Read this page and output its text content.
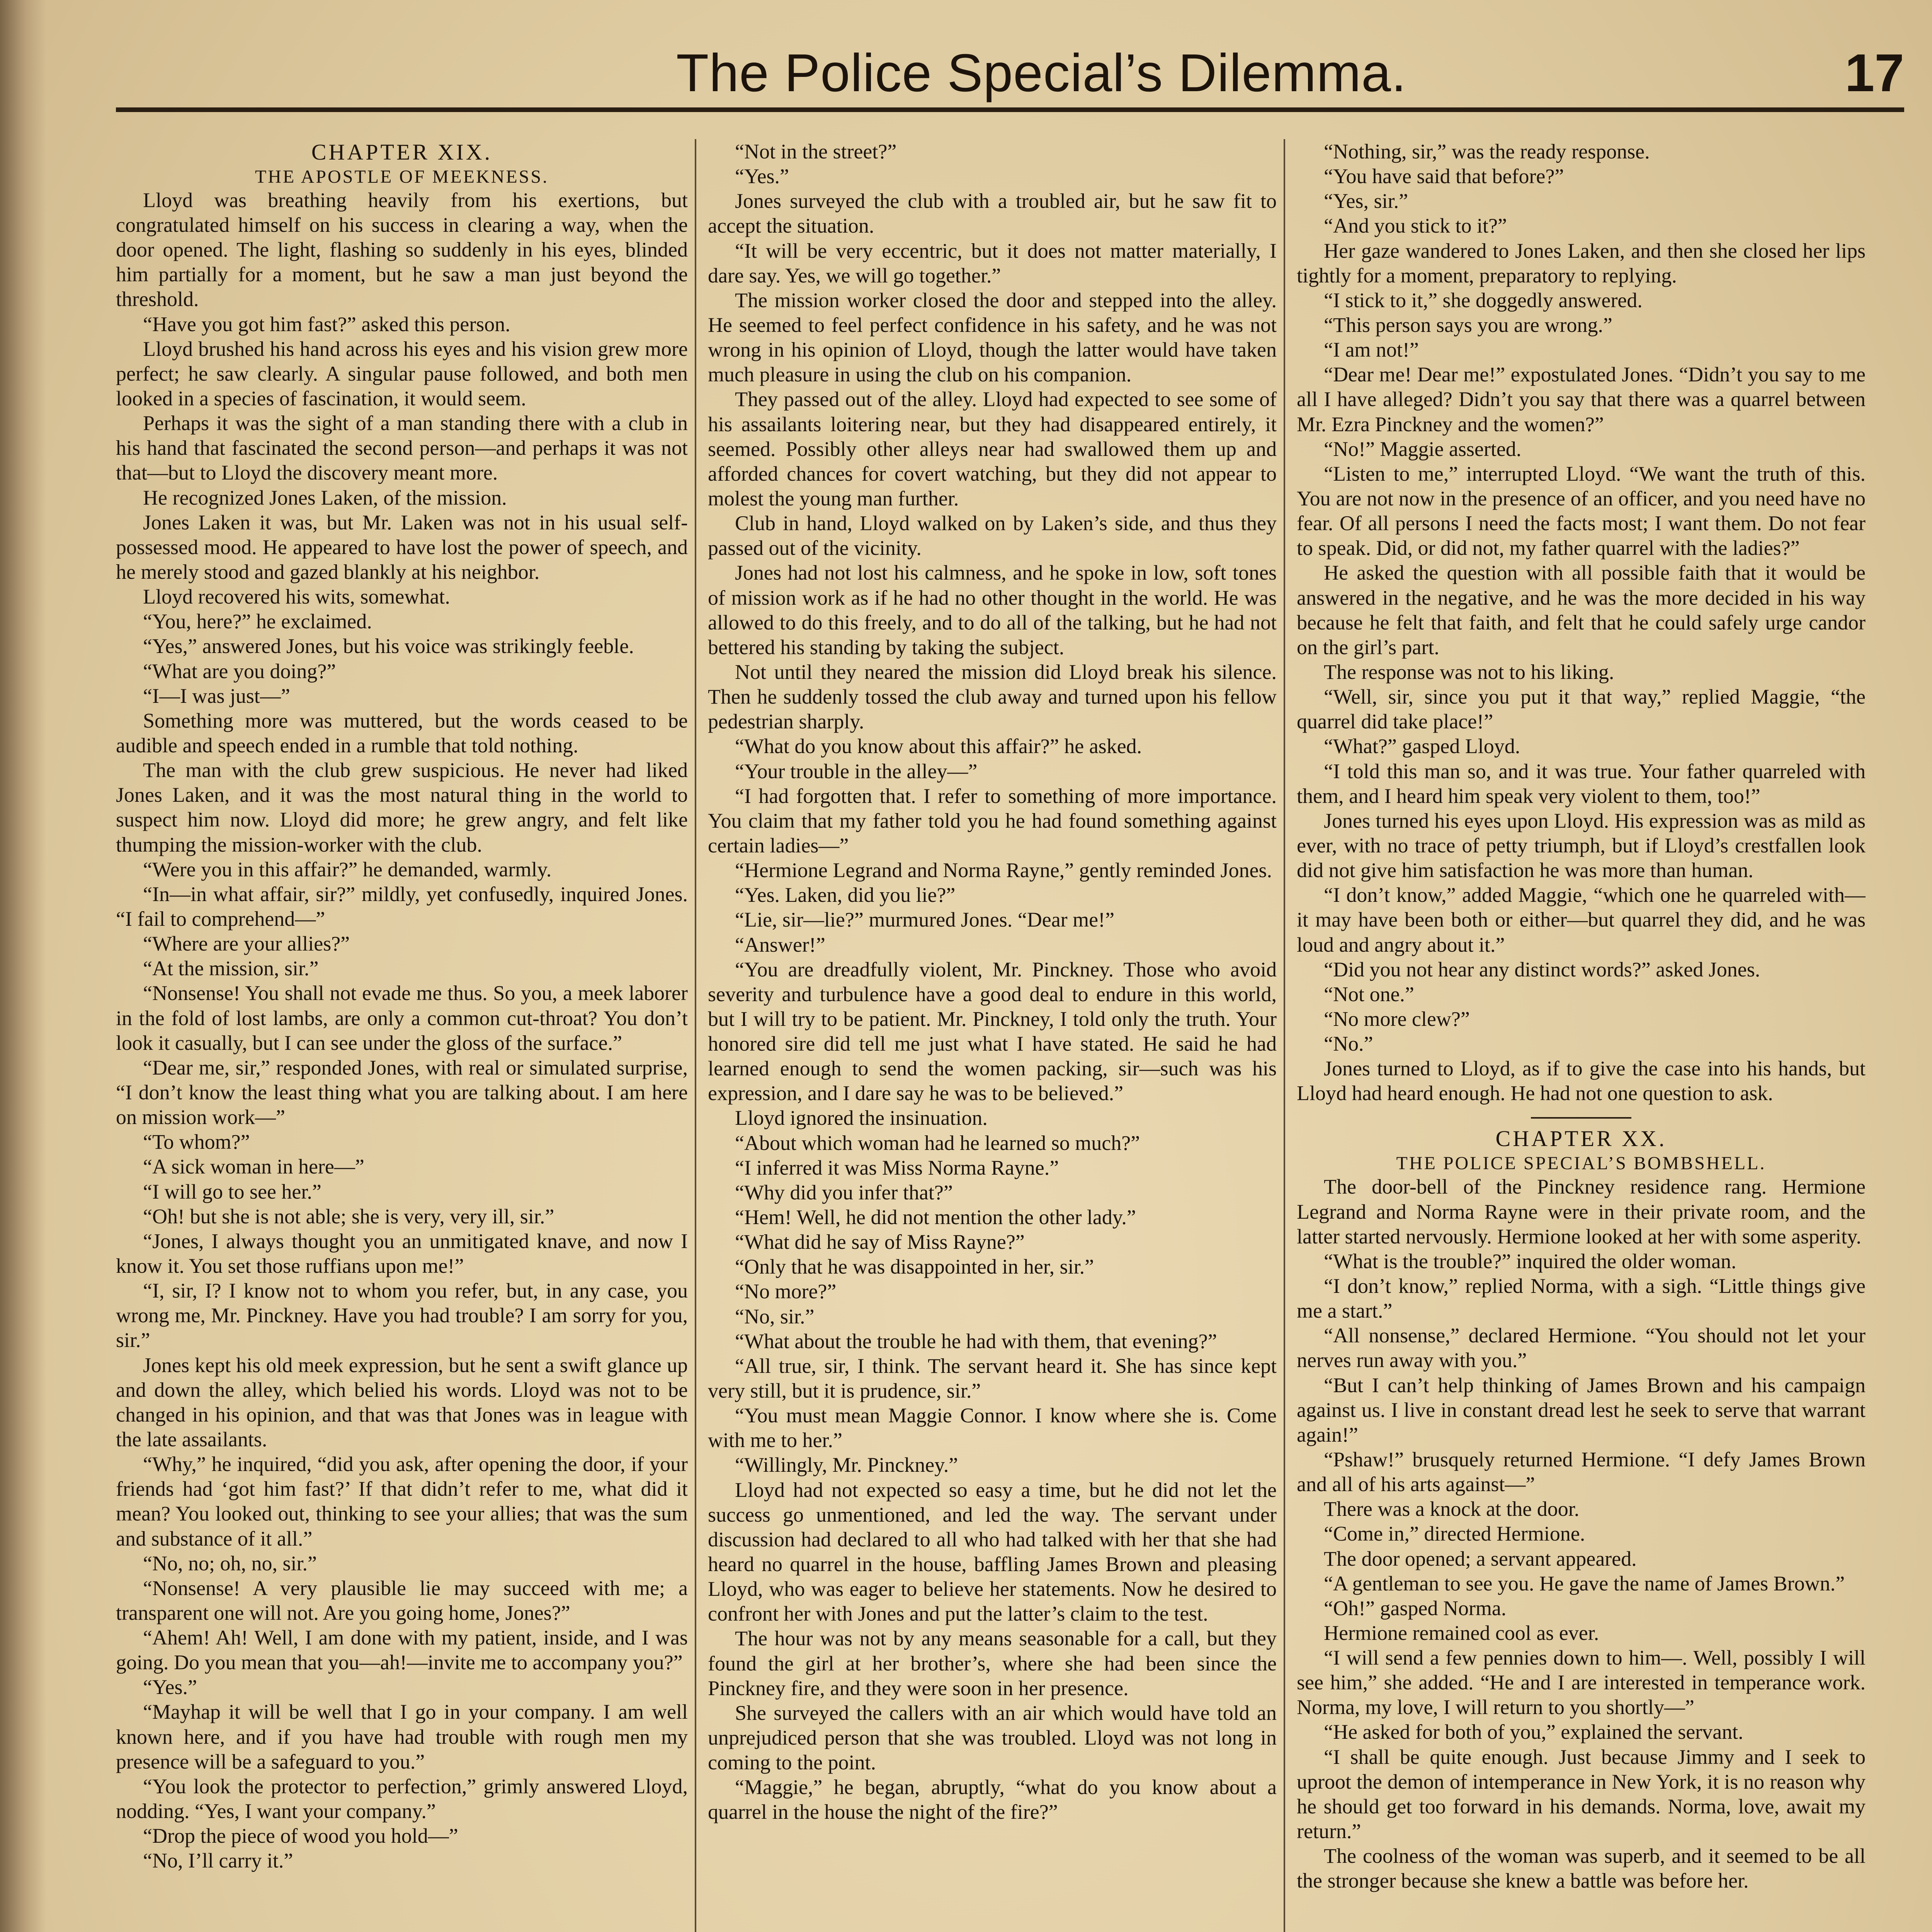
The Police Special’s Dilemma.	17

CHAPTER XIX.

THE APOSTLE OF MEEKNESS.

Lloyd was breathing heavily from his exertions, but congratulated himself on his success in clearing a way, when the door opened. The light, flashing so suddenly in his eyes, blinded him partially for a moment, but he saw a man just beyond the threshold.

“Have you got him fast?” asked this person.

Lloyd brushed his hand across his eyes and his vision grew more perfect; he saw clearly. A singular pause followed, and both men looked in a species of fascination, it would seem.

Perhaps it was the sight of a man standing there with a club in his hand that fascinated the second person—and perhaps it was not that—but to Lloyd the discovery meant more.

He recognized Jones Laken, of the mission.

Jones Laken it was, but Mr. Laken was not in his usual self-possessed mood. He appeared to have lost the power of speech, and he merely stood and gazed blankly at his neighbor.

Lloyd recovered his wits, somewhat.

“You, here?” he exclaimed.

“Yes,” answered Jones, but his voice was strikingly feeble.

“What are you doing?”

“I—I was just—”

Something more was muttered, but the words ceased to be audible and speech ended in a rumble that told nothing.

The man with the club grew suspicious. He never had liked Jones Laken, and it was the most natural thing in the world to suspect him now. Lloyd did more; he grew angry, and felt like thumping the mission-worker with the club.

“Were you in this affair?” he demanded, warmly.

“In—in what affair, sir?” mildly, yet confusedly, inquired Jones. “I fail to comprehend—”

“Where are your allies?”

“At the mission, sir.”

“Nonsense! You shall not evade me thus. So you, a meek laborer in the fold of lost lambs, are only a common cut-throat? You don’t look it casually, but I can see under the gloss of the surface.”

“Dear me, sir,” responded Jones, with real or simulated surprise, “I don’t know the least thing what you are talking about. I am here on mission work—”

“To whom?”

“A sick woman in here—”

“I will go to see her.”

“Oh! but she is not able; she is very, very ill, sir.”

“Jones, I always thought you an unmitigated knave, and now I know it. You set those ruffians upon me!”

“I, sir, I? I know not to whom you refer, but, in any case, you wrong me, Mr. Pinckney. Have you had trouble? I am sorry for you, sir.”

Jones kept his old meek expression, but he sent a swift glance up and down the alley, which belied his words. Lloyd was not to be changed in his opinion, and that was that Jones was in league with the late assailants.

“Why,” he inquired, “did you ask, after opening the door, if your friends had ‘got him fast?’ If that didn’t refer to me, what did it mean? You looked out, thinking to see your allies; that was the sum and substance of it all.”

“No, no; oh, no, sir.”

“Nonsense! A very plausible lie may succeed with me; a transparent one will not. Are you going home, Jones?”

“Ahem! Ah! Well, I am done with my patient, inside, and I was going. Do you mean that you—ah!—invite me to accompany you?”

“Yes.”

“Mayhap it will be well that I go in your company. I am well known here, and if you have had trouble with rough men my presence will be a safeguard to you.”

“You look the protector to perfection,” grimly answered Lloyd, nodding. “Yes, I want your company.”

“Drop the piece of wood you hold—”

“No, I’ll carry it.”

“Not in the street?”

“Yes.”

Jones surveyed the club with a troubled air, but he saw fit to accept the situation.

“It will be very eccentric, but it does not matter materially, I dare say. Yes, we will go together.”

The mission worker closed the door and stepped into the alley. He seemed to feel perfect confidence in his safety, and he was not wrong in his opinion of Lloyd, though the latter would have taken much pleasure in using the club on his companion.

They passed out of the alley. Lloyd had expected to see some of his assailants loitering near, but they had disappeared entirely, it seemed. Possibly other alleys near had swallowed them up and afforded chances for covert watching, but they did not appear to molest the young man further.

Club in hand, Lloyd walked on by Laken’s side, and thus they passed out of the vicinity.

Jones had not lost his calmness, and he spoke in low, soft tones of mission work as if he had no other thought in the world. He was allowed to do this freely, and to do all of the talking, but he had not bettered his standing by taking the subject.

Not until they neared the mission did Lloyd break his silence. Then he suddenly tossed the club away and turned upon his fellow pedestrian sharply.

“What do you know about this affair?” he asked.

“Your trouble in the alley—”

“I had forgotten that. I refer to something of more importance. You claim that my father told you he had found something against certain ladies—”

“Hermione Legrand and Norma Rayne,” gently reminded Jones.

“Yes. Laken, did you lie?”

“Lie, sir—lie?” murmured Jones. “Dear me!”

“Answer!”

“You are dreadfully violent, Mr. Pinckney. Those who avoid severity and turbulence have a good deal to endure in this world, but I will try to be patient. Mr. Pinckney, I told only the truth. Your honored sire did tell me just what I have stated. He said he had learned enough to send the women packing, sir—such was his expression, and I dare say he was to be believed.”

Lloyd ignored the insinuation.

“About which woman had he learned so much?”

“I inferred it was Miss Norma Rayne.”

“Why did you infer that?”

“Hem! Well, he did not mention the other lady.”

“What did he say of Miss Rayne?”

“Only that he was disappointed in her, sir.”

“No more?”

“No, sir.”

“What about the trouble he had with them, that evening?”

“All true, sir, I think. The servant heard it. She has since kept very still, but it is prudence, sir.”

“You must mean Maggie Connor. I know where she is. Come with me to her.”

“Willingly, Mr. Pinckney.”

Lloyd had not expected so easy a time, but he did not let the success go unmentioned, and led the way. The servant under discussion had declared to all who had talked with her that she had heard no quarrel in the house, baffling James Brown and pleasing Lloyd, who was eager to believe her statements. Now he desired to confront her with Jones and put the latter’s claim to the test.

The hour was not by any means seasonable for a call, but they found the girl at her brother’s, where she had been since the Pinckney fire, and they were soon in her presence.

She surveyed the callers with an air which would have told an unprejudiced person that she was troubled. Lloyd was not long in coming to the point.

“Maggie,” he began, abruptly, “what do you know about a quarrel in the house the night of the fire?”

“Nothing, sir,” was the ready response.

“You have said that before?”

“Yes, sir.”

“And you stick to it?”

Her gaze wandered to Jones Laken, and then she closed her lips tightly for a moment, preparatory to replying.

“I stick to it,” she doggedly answered.

“This person says you are wrong.”

“I am not!”

“Dear me! Dear me!” expostulated Jones. “Didn’t you say to me all I have alleged? Didn’t you say that there was a quarrel between Mr. Ezra Pinckney and the women?”

“No!” Maggie asserted.

“Listen to me,” interrupted Lloyd. “We want the truth of this. You are not now in the presence of an officer, and you need have no fear. Of all persons I need the facts most; I want them. Do not fear to speak. Did, or did not, my father quarrel with the ladies?”

He asked the question with all possible faith that it would be answered in the negative, and he was the more decided in his way because he felt that faith, and felt that he could safely urge candor on the girl’s part.

The response was not to his liking.

“Well, sir, since you put it that way,” replied Maggie, “the quarrel did take place!”

“What?” gasped Lloyd.

“I told this man so, and it was true. Your father quarreled with them, and I heard him speak very violent to them, too!”

Jones turned his eyes upon Lloyd. His expression was as mild as ever, with no trace of petty triumph, but if Lloyd’s crestfallen look did not give him satisfaction he was more than human.

“I don’t know,” added Maggie, “which one he quarreled with—it may have been both or either—but quarrel they did, and he was loud and angry about it.”

“Did you not hear any distinct words?” asked Jones.

“Not one.”

“No more clew?”

“No.”

Jones turned to Lloyd, as if to give the case into his hands, but Lloyd had heard enough. He had not one question to ask.

CHAPTER XX.

THE POLICE SPECIAL’S BOMBSHELL.

The door-bell of the Pinckney residence rang. Hermione Legrand and Norma Rayne were in their private room, and the latter started nervously. Hermione looked at her with some asperity.

“What is the trouble?” inquired the older woman.

“I don’t know,” replied Norma, with a sigh. “Little things give me a start.”

“All nonsense,” declared Hermione. “You should not let your nerves run away with you.”

“But I can’t help thinking of James Brown and his campaign against us. I live in constant dread lest he seek to serve that warrant again!”

“Pshaw!” brusquely returned Hermione. “I defy James Brown and all of his arts against—”

There was a knock at the door.

“Come in,” directed Hermione.

The door opened; a servant appeared.

“A gentleman to see you. He gave the name of James Brown.”

“Oh!” gasped Norma.

Hermione remained cool as ever.

“I will send a few pennies down to him—. Well, possibly I will see him,” she added. “He and I are interested in temperance work. Norma, my love, I will return to you shortly—”

“He asked for both of you,” explained the servant.

“I shall be quite enough. Just because Jimmy and I seek to uproot the demon of intemperance in New York, it is no reason why he should get too forward in his demands. Norma, love, await my return.”

The coolness of the woman was superb, and it seemed to be all the stronger because she knew a battle was before her.
